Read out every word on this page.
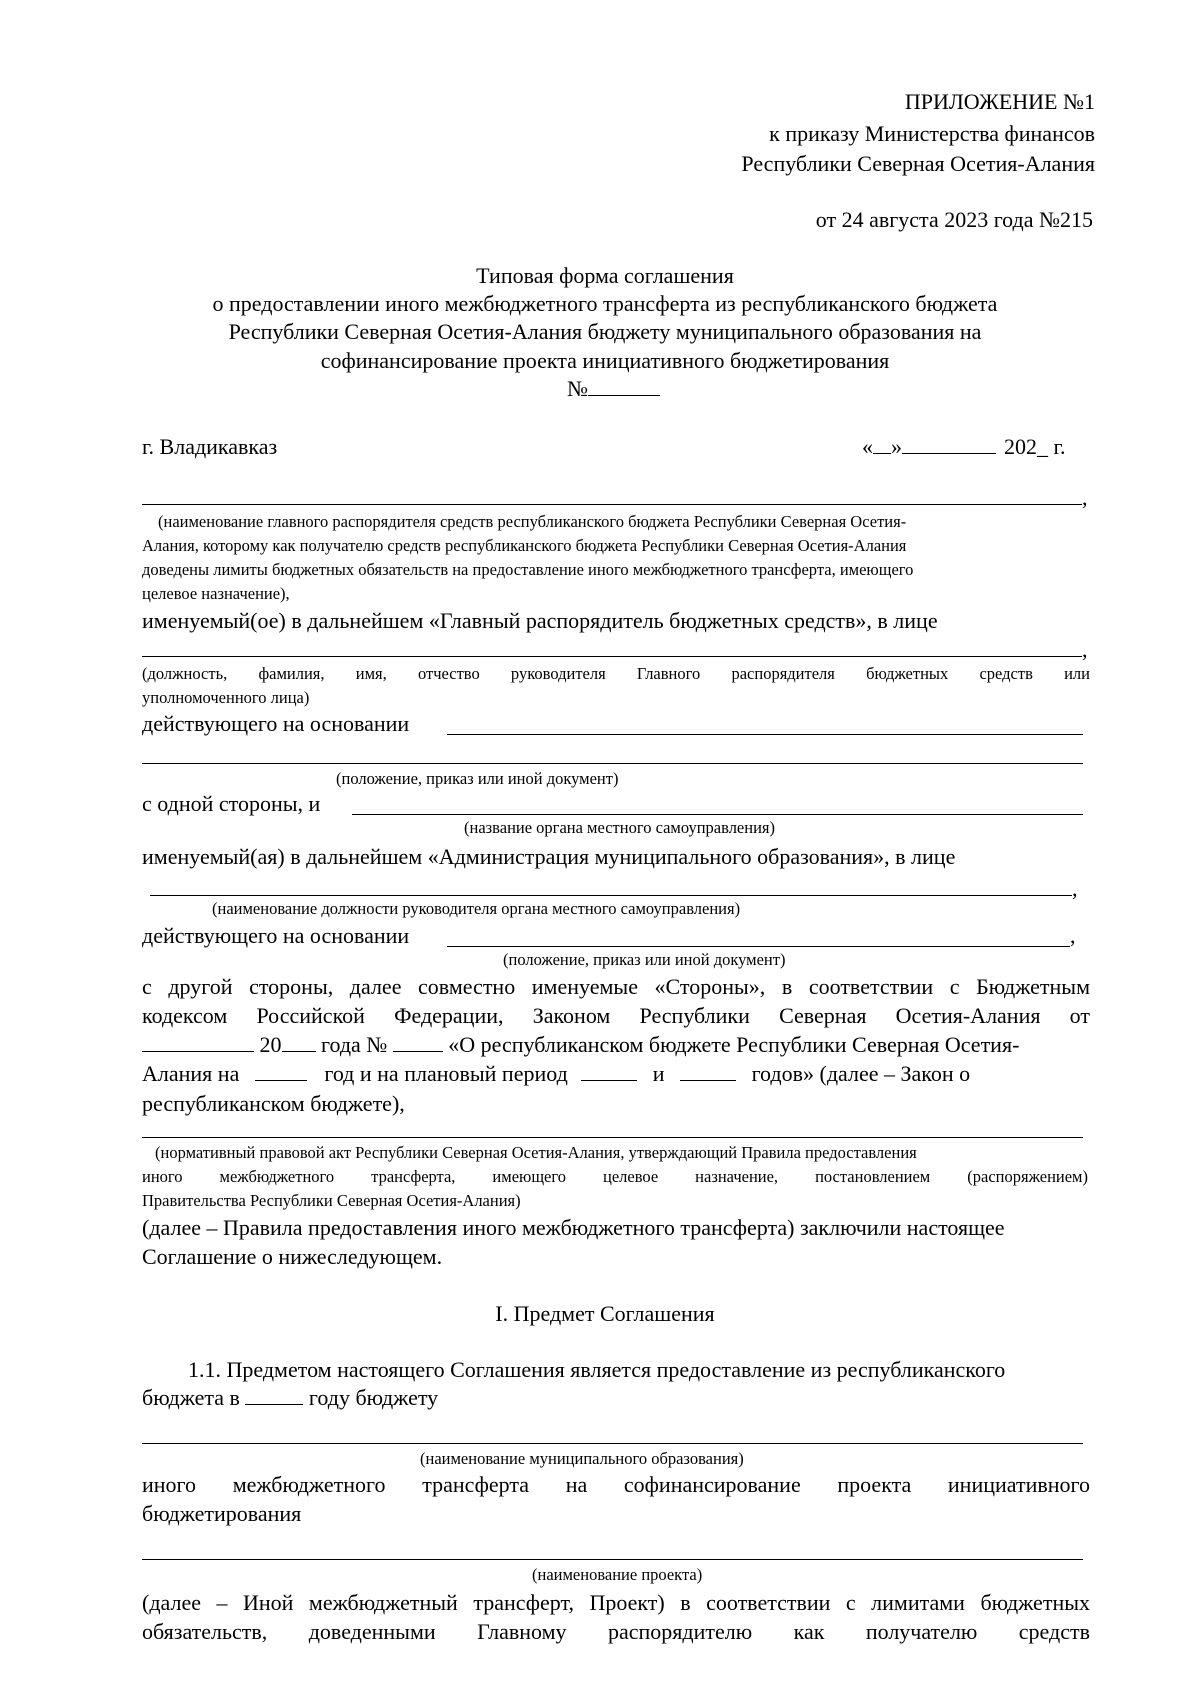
ПРИЛОЖЕНИЕ №1
к приказу Министерства финансов
Республики Северная Осетия-Алания
от 24 августа 2023 года №215
Типовая форма соглашения
о предоставлении иного межбюджетного трансферта из республиканского бюджета
Республики Северная Осетия-Алания бюджету муниципального образования на
софинансирование проекта инициативного бюджетирования
№
г. Владикавказ	« »	202_ г.
,
(наименование главного распорядителя средств республиканского бюджета Республики Северная Осетия-
Алания, которому как получателю средств республиканского бюджета Республики Северная Осетия-Алания
доведены лимиты бюджетных обязательств на предоставление иного межбюджетного трансферта, имеющего
целевое назначение),
именуемый(ое) в дальнейшем «Главный распорядитель бюджетных средств», в лице
,
(должность, фамилия, имя, отчество руководителя Главного распорядителя бюджетных средств или
уполномоченного лица)
действующего на основании
(положение, приказ или иной документ)
с одной стороны, и
(название органа местного самоуправления)
именуемый(ая) в дальнейшем «Администрация муниципального образования», в лице
,
(наименование должности руководителя органа местного самоуправления)
действующего на основании	,
(положение, приказ или иной документ)
с другой стороны, далее совместно именуемые «Стороны», в соответствии с Бюджетным
кодексом Российской Федерации, Законом Республики Северная Осетия-Алания от
20 года №	«О республиканском бюджете Республики Северная Осетия-
Алания на	год и на плановый период	и	годов» (далее – Закон о
республиканском бюджете),
(нормативный правовой акт Республики Северная Осетия-Алания, утверждающий Правила предоставления
иного межбюджетного трансферта, имеющего целевое назначение, постановлением (распоряжением)
Правительства Республики Северная Осетия-Алания)
(далее – Правила предоставления иного межбюджетного трансферта) заключили настоящее
Соглашение о нижеследующем.
I. Предмет Соглашения
1.1. Предметом настоящего Соглашения является предоставление из республиканского
бюджета в	году бюджету
(наименование муниципального образования)
иного межбюджетного трансферта на софинансирование проекта инициативного
бюджетирования
(наименование проекта)
(далее – Иной межбюджетный трансферт, Проект) в соответствии с лимитами бюджетных
обязательств, доведенными Главному распорядителю как получателю средств
